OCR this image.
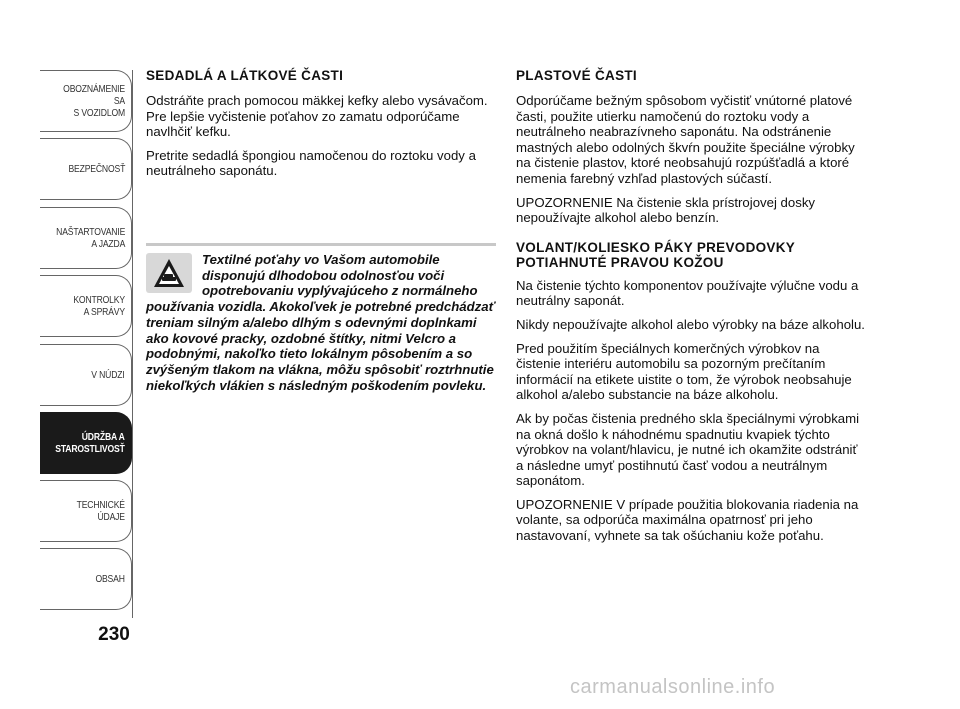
OBOZNÁMENIE SA
S VOZIDLOM
BEZPEČNOSŤ
NAŠTARTOVANIE
A JAZDA
KONTROLKY
A SPRÁVY
V NÚDZI
ÚDRŽBA A
STAROSTLIVOSŤ
TECHNICKÉ
ÚDAJE
OBSAH
230
SEDADLÁ A LÁTKOVÉ ČASTI

Odstráňte prach pomocou mäkkej kefky alebo vysávačom. Pre lepšie vyčistenie poťahov zo zamatu odporúčame navlhčiť kefku.

Pretrite sedadlá špongiou namočenou do roztoku vody a neutrálneho saponátu.

Textilné poťahy vo Vašom automobile disponujú dlhodobou odolnosťou voči opotrebovaniu vyplývajúceho z normálneho používania vozidla. Akokoľvek je potrebné predchádzať treniam silným a/alebo dlhým s odevnými doplnkami ako kovové pracky, ozdobné štítky, nitmi Velcro a podobnými, nakoľko tieto lokálnym pôsobením a so zvýšeným tlakom na vlákna, môžu spôsobiť roztrhnutie niekoľkých vlákien s následným poškodením povleku.
PLASTOVÉ ČASTI

Odporúčame bežným spôsobom vyčistiť vnútorné platové časti, použite utierku namočenú do roztoku vody a neutrálneho neabrazívneho saponátu. Na odstránenie mastných alebo odolných škvŕn použite špeciálne výrobky na čistenie plastov, ktoré neobsahujú rozpúšťadlá a ktoré nemenia farebný vzhľad plastových súčastí.

UPOZORNENIE Na čistenie skla prístrojovej dosky nepoužívajte alkohol alebo benzín.

VOLANT/KOLIESKO PÁKY PREVODOVKY POTIAHNUTÉ PRAVOU KOŽOU

Na čistenie týchto komponentov používajte výlučne vodu a neutrálny saponát.

Nikdy nepoužívajte alkohol alebo výrobky na báze alkoholu.

Pred použitím špeciálnych komerčných výrobkov na čistenie interiéru automobilu sa pozorným prečítaním informácií na etikete uistite o tom, že výrobok neobsahuje alkohol a/alebo substancie na báze alkoholu.

Ak by počas čistenia predného skla špeciálnymi výrobkami na okná došlo k náhodnému spadnutiu kvapiek týchto výrobkov na volant/hlavicu, je nutné ich okamžite odstrániť a následne umyť postihnutú časť vodou a neutrálnym saponátom.

UPOZORNENIE V prípade použitia blokovania riadenia na volante, sa odporúča maximálna opatrnosť pri jeho nastavovaní, vyhnete sa tak ošúchaniu kože poťahu.

carmanualsonline.info
